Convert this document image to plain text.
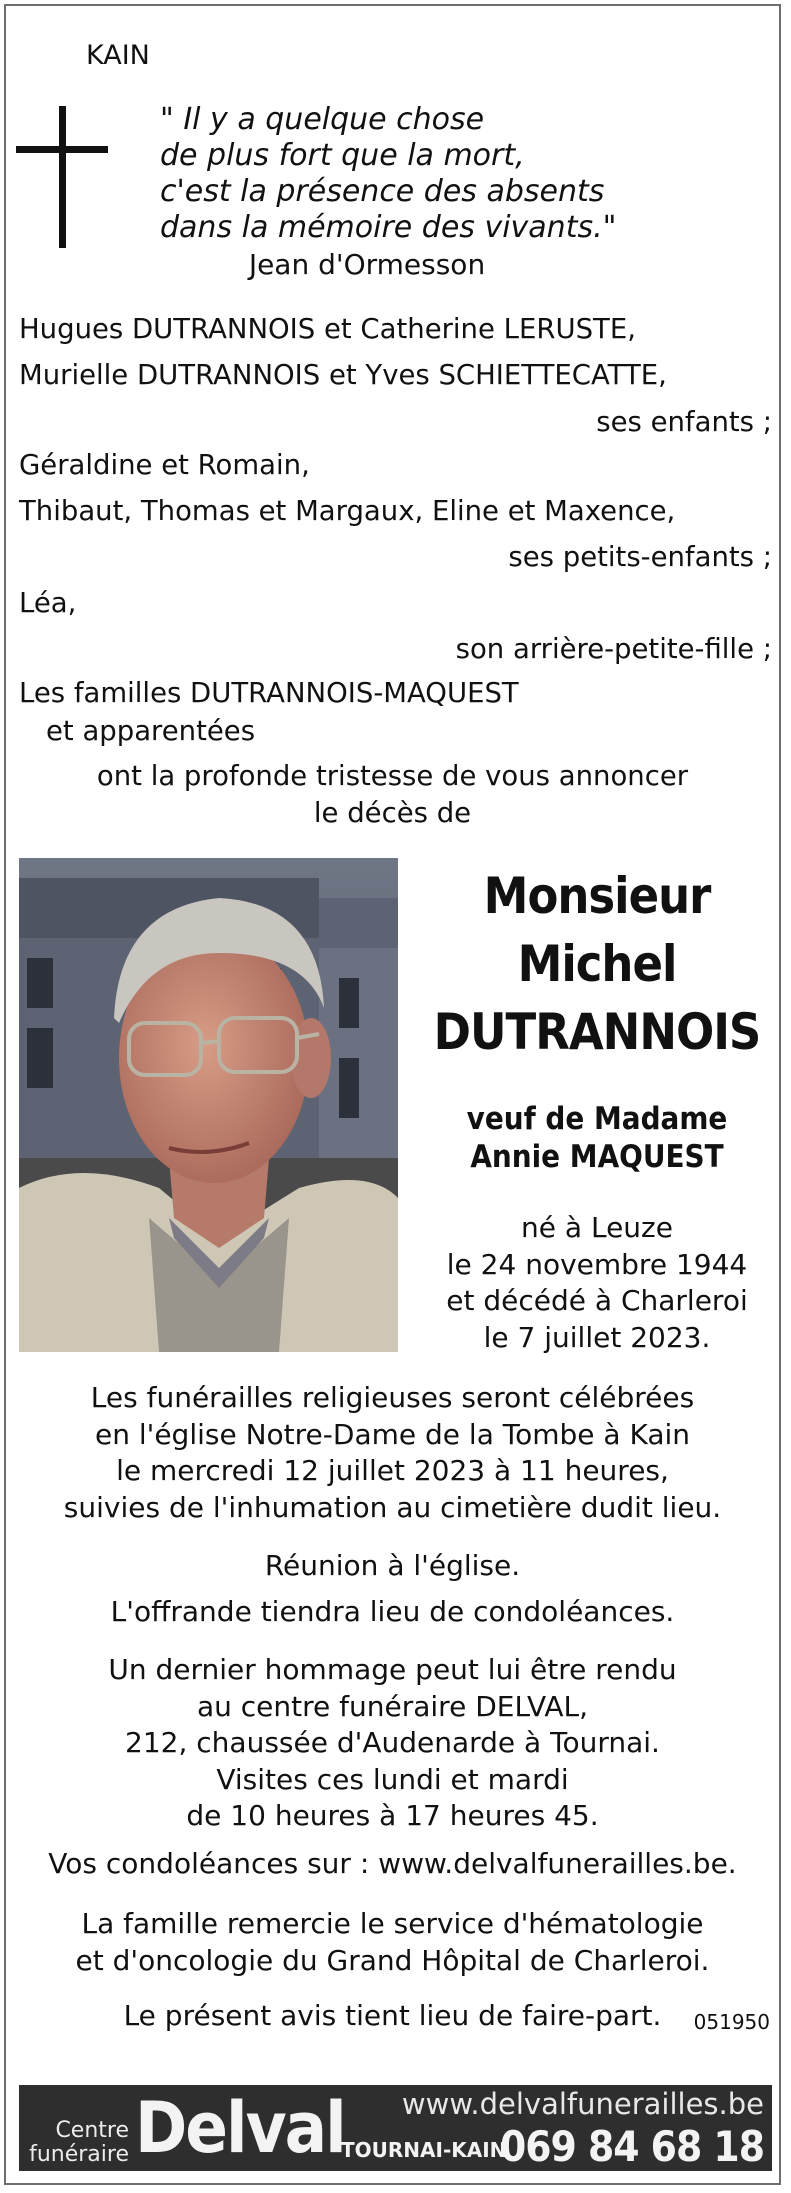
KAIN
" Il y a quelque chose
de plus fort que la mort,
c'est la présence des absents
dans la mémoire des vivants."
Jean d'Ormesson
Hugues DUTRANNOIS et Catherine LERUSTE,
Murielle DUTRANNOIS et Yves SCHIETTECATTE,
ses enfants ;
Géraldine et Romain,
Thibaut, Thomas et Margaux, Eline et Maxence,
ses petits-enfants ;
Léa,
son arrière-petite-fille ;
Les familles DUTRANNOIS-MAQUEST
et apparentées
ont la profonde tristesse de vous annoncer
le décès de
Monsieur
Michel
DUTRANNOIS
veuf de Madame
Annie MAQUEST
né à Leuze
le 24 novembre 1944
et décédé à Charleroi
le 7 juillet 2023.
Les funérailles religieuses seront célébrées
en l'église Notre-Dame de la Tombe à Kain
le mercredi 12 juillet 2023 à 11 heures,
suivies de l'inhumation au cimetière dudit lieu.
Réunion à l'église.
L'offrande tiendra lieu de condoléances.
Un dernier hommage peut lui être rendu
au centre funéraire DELVAL,
212, chaussée d'Audenarde à Tournai.
Visites ces lundi et mardi
de 10 heures à 17 heures 45.
Vos condoléances sur : www.delvalfunerailles.be.
La famille remercie le service d'hématologie
et d'oncologie du Grand Hôpital de Charleroi.
Le présent avis tient lieu de faire-part.	051950
Centre
funéraire Delval www.delvalfunerailles.be
TOURNAI-KAIN
069 84 68 18
